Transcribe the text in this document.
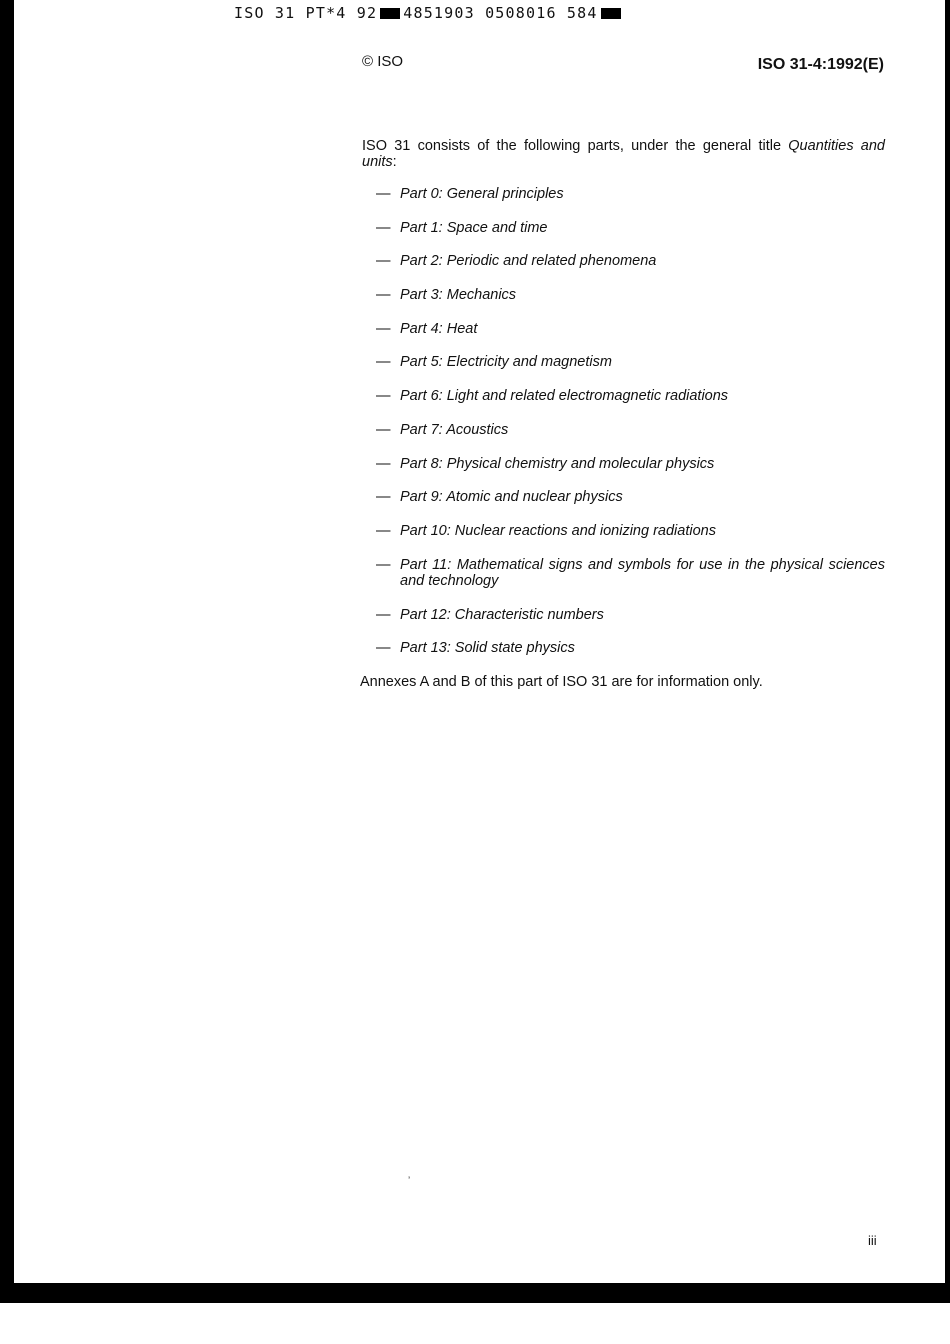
ISO 31 PT*4 92 4851903 0508016 584
© ISO	ISO 31-4:1992(E)

ISO 31 consists of the following parts, under the general title Quantities and units:

— Part 0: General principles
— Part 1: Space and time
— Part 2: Periodic and related phenomena
— Part 3: Mechanics
— Part 4: Heat
— Part 5: Electricity and magnetism
— Part 6: Light and related electromagnetic radiations
— Part 7: Acoustics
— Part 8: Physical chemistry and molecular physics
— Part 9: Atomic and nuclear physics
— Part 10: Nuclear reactions and ionizing radiations
— Part 11: Mathematical signs and symbols for use in the physical sciences and technology
— Part 12: Characteristic numbers
— Part 13: Solid state physics
Annexes A and B of this part of ISO 31 are for information only.
ʼ
iii
